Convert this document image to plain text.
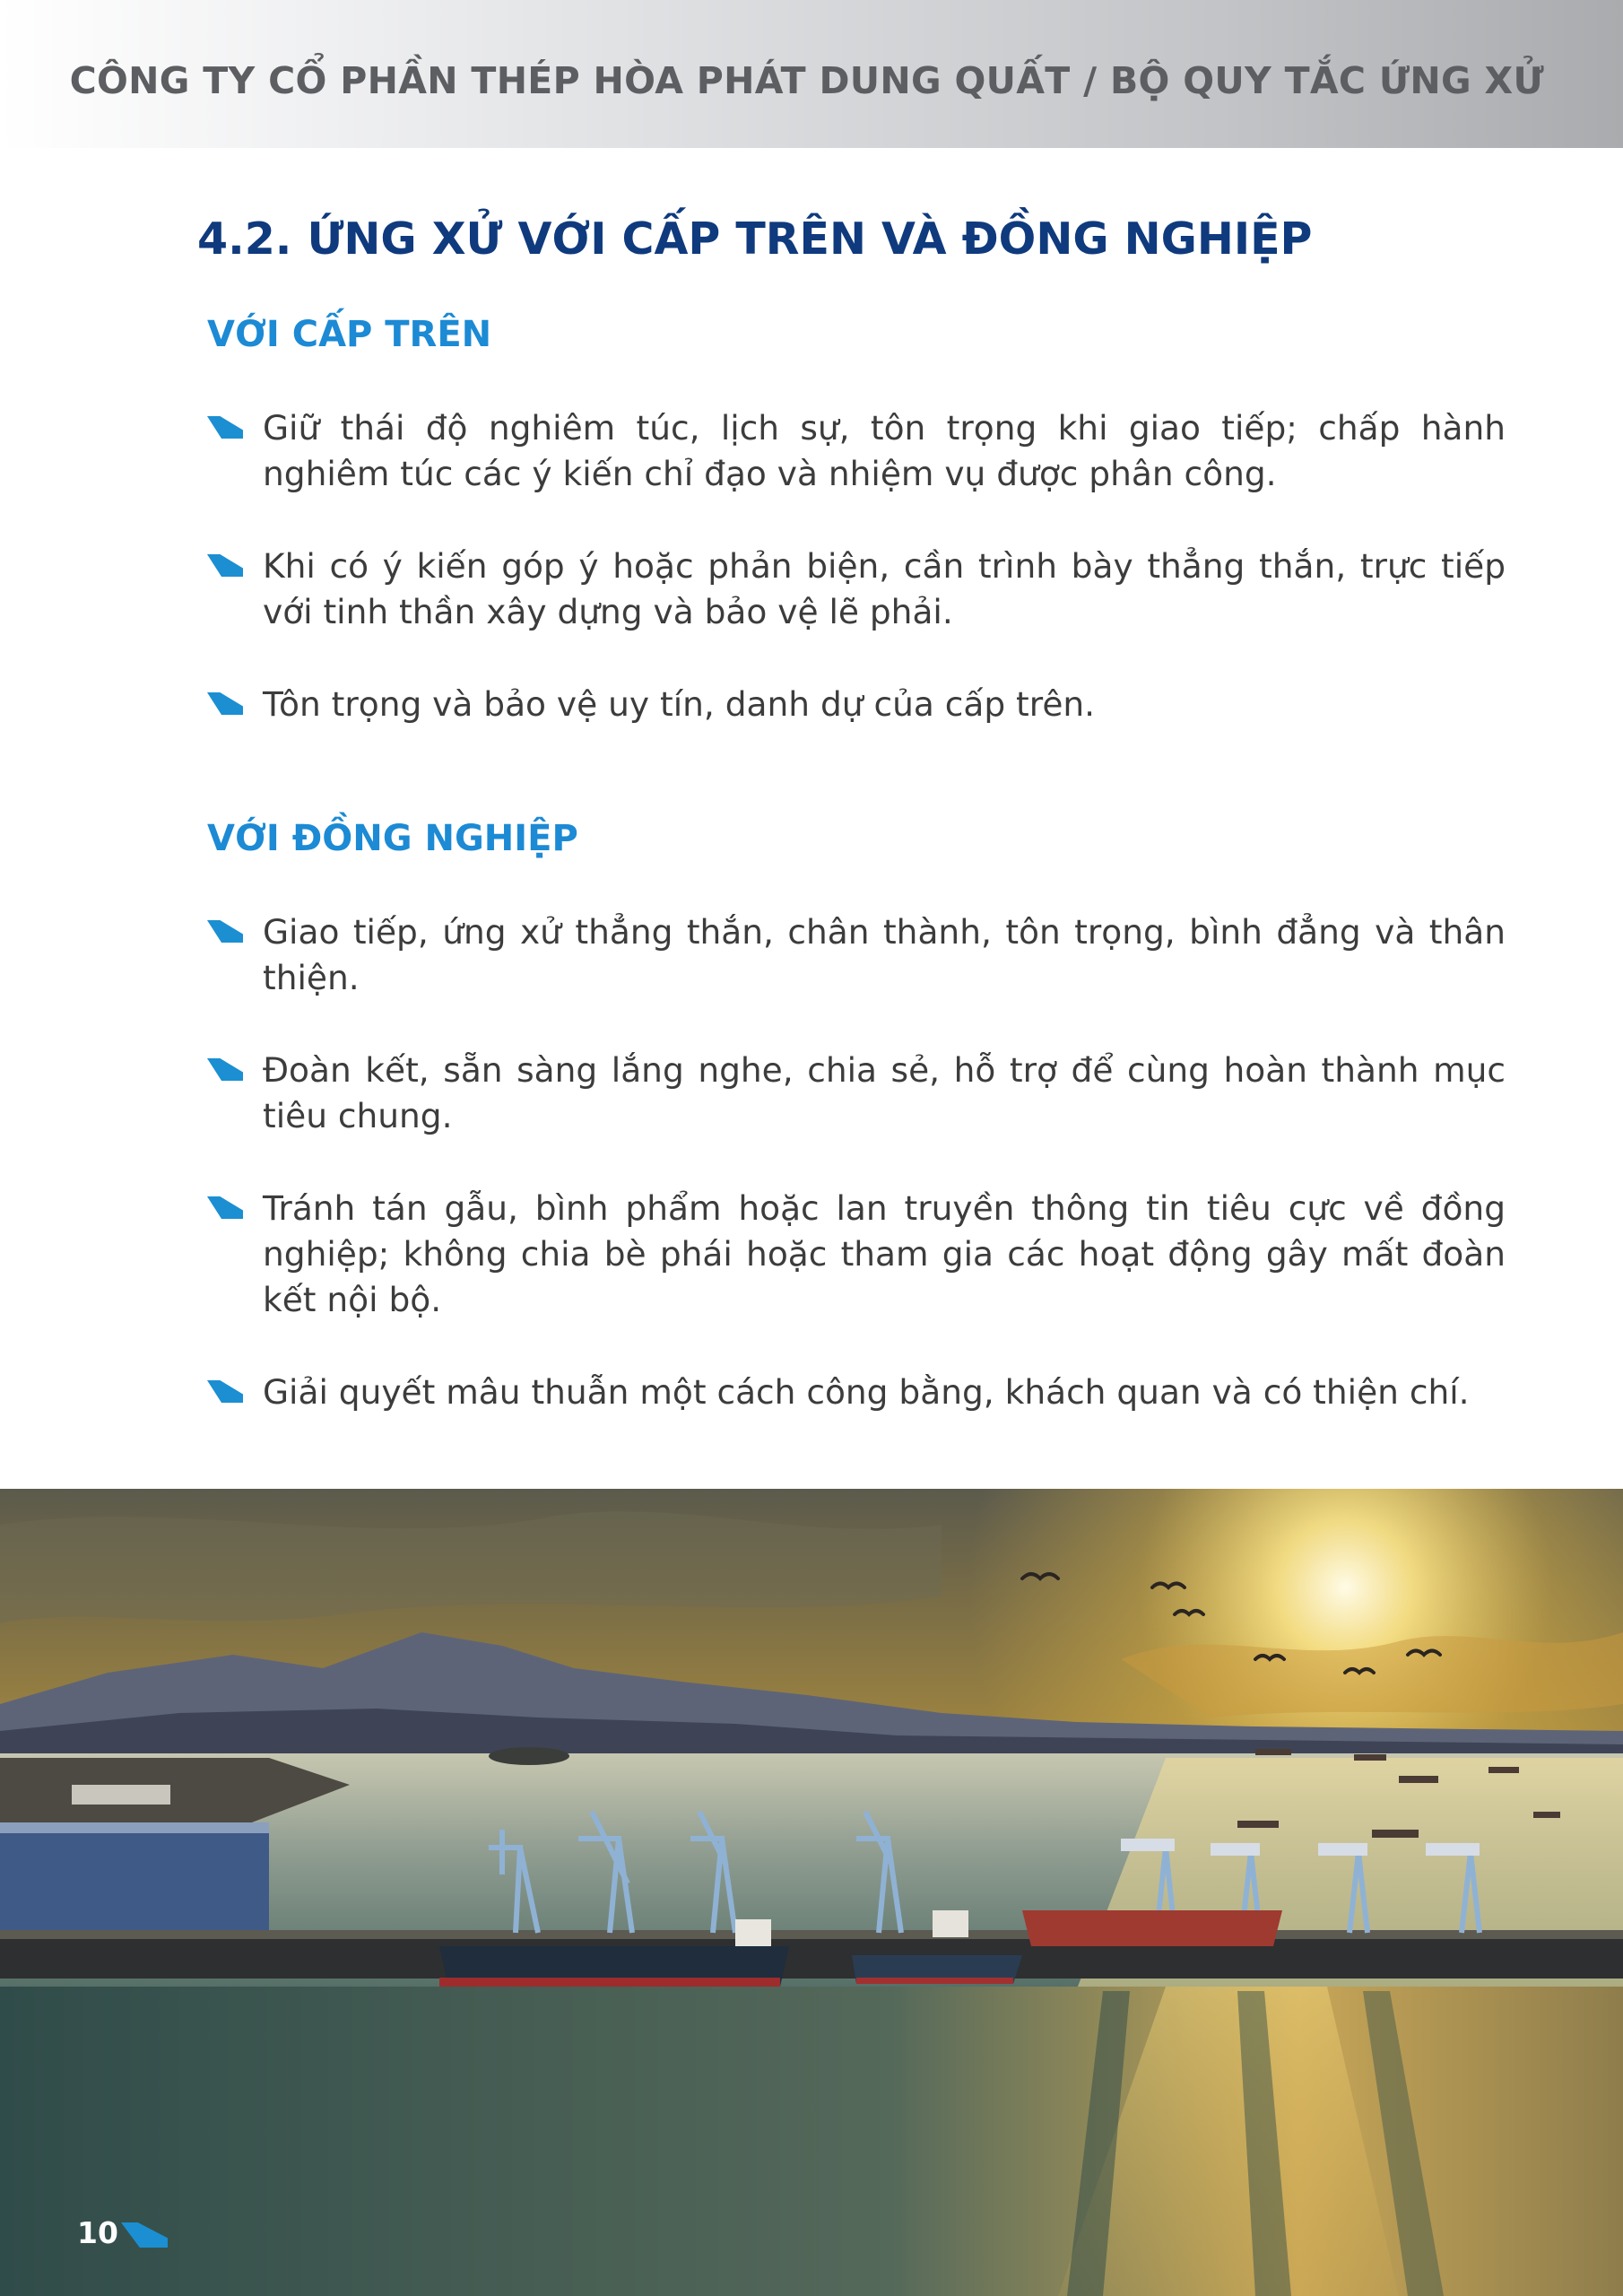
CÔNG TY CỔ PHẦN THÉP HÒA PHÁT DUNG QUẤT / BỘ QUY TẮC ỨNG XỬ

4.2. ỨNG XỬ VỚI CẤP TRÊN VÀ ĐỒNG NGHIỆP
VỚI CẤP TRÊN
Giữ thái độ nghiêm túc, lịch sự, tôn trọng khi giao tiếp; chấp hành nghiêm túc các ý kiến chỉ đạo và nhiệm vụ được phân công.
Khi có ý kiến góp ý hoặc phản biện, cần trình bày thẳng thắn, trực tiếp với tinh thần xây dựng và bảo vệ lẽ phải.
Tôn trọng và bảo vệ uy tín, danh dự của cấp trên.
VỚI ĐỒNG NGHIỆP
Giao tiếp, ứng xử thẳng thắn, chân thành, tôn trọng, bình đẳng và thân thiện.
Đoàn kết, sẵn sàng lắng nghe, chia sẻ, hỗ trợ để cùng hoàn thành mục tiêu chung.
Tránh tán gẫu, bình phẩm hoặc lan truyền thông tin tiêu cực về đồng nghiệp; không chia bè phái hoặc tham gia các hoạt động gây mất đoàn kết nội bộ.
Giải quyết mâu thuẫn một cách công bằng, khách quan và có thiện chí.
10
